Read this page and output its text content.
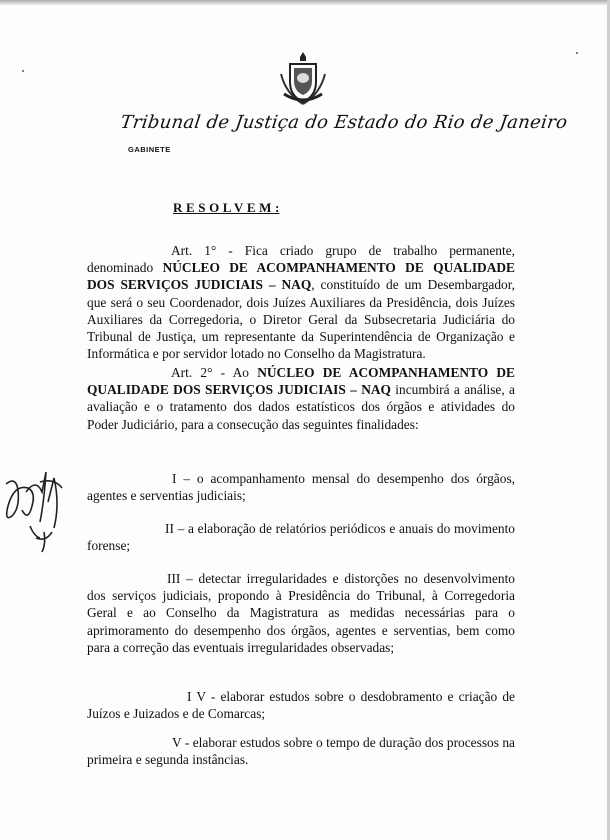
Tribunal de Justiça do Estado do Rio de Janeiro
GABINETE
RESOLVEM:

Art. 1° - Fica criado grupo de trabalho permanente, denominado NÚCLEO DE ACOMPANHAMENTO DE QUALIDADE DOS SERVIÇOS JUDICIAIS – NAQ, constituído de um Desembargador, que será o seu Coordenador, dois Juízes Auxiliares da Presidência, dois Juízes Auxiliares da Corregedoria, o Diretor Geral da Subsecretaria Judiciária do Tribunal de Justiça, um representante da Superintendência de Organização e Informática e por servidor lotado no Conselho da Magistratura.

Art. 2° - Ao NÚCLEO DE ACOMPANHAMENTO DE QUALIDADE DOS SERVIÇOS JUDICIAIS – NAQ incumbirá a análise, a avaliação e o tratamento dos dados estatísticos dos órgãos e atividades do Poder Judiciário, para a consecução das seguintes finalidades:

I – o acompanhamento mensal do desempenho dos órgãos, agentes e serventias judiciais;

II – a elaboração de relatórios periódicos e anuais do movimento forense;

III – detectar irregularidades e distorções no desenvolvimento dos serviços judiciais, propondo à Presidência do Tribunal, à Corregedoria Geral e ao Conselho da Magistratura as medidas necessárias para o aprimoramento do desempenho dos órgãos, agentes e serventias, bem como para a correção das eventuais irregularidades observadas;

I V - elaborar estudos sobre o desdobramento e criação de Juízos e Juizados e de Comarcas;

V - elaborar estudos sobre o tempo de duração dos processos na primeira e segunda instâncias.
